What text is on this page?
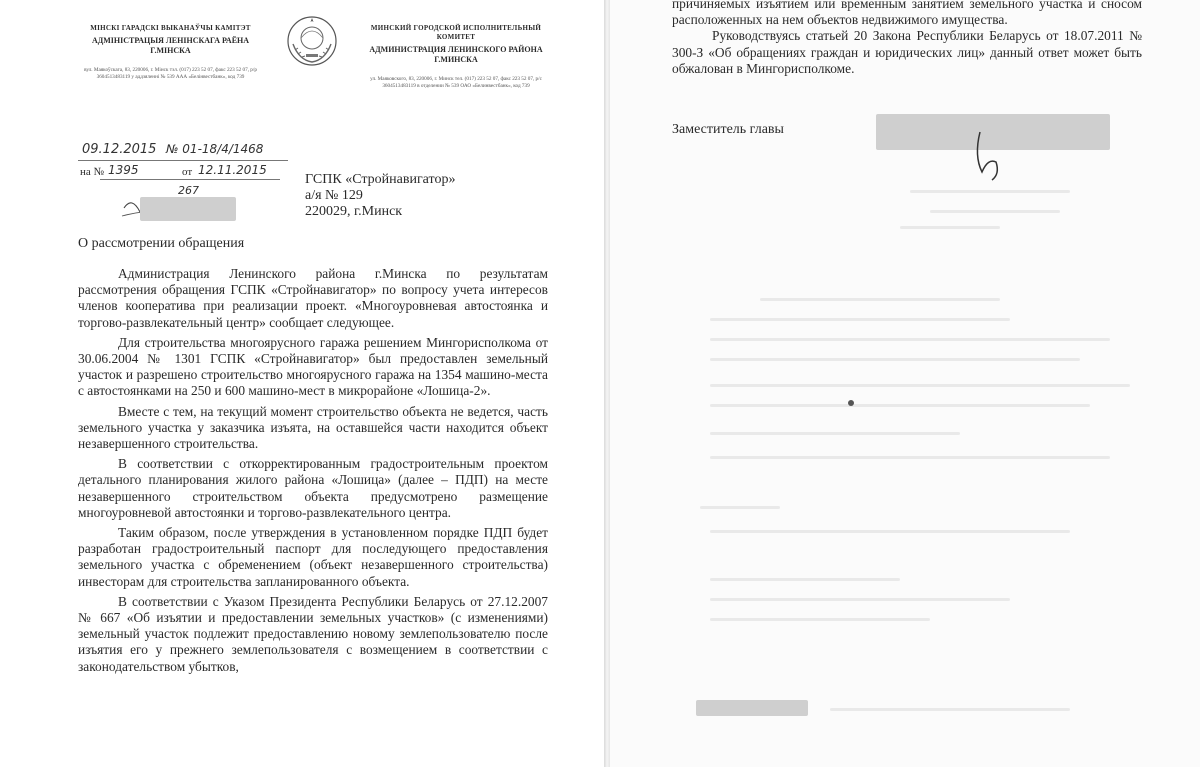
МІНСКІ ГАРАДСКІ ВЫКАНАЎЧЫ КАМІТЭТ
АДМІНІСТРАЦЫЯ ЛЕНІНСКАГА РАЁНА Г.МІНСКА
вул. Маякоўскага, 83, 220006, г. Мінск тэл. (017) 223 52 07, факс 223 52 07, р/р 3604513483119 у аддзяленні № 539 ААА «Белінвестбанк», код 739
МИНСКИЙ ГОРОДСКОЙ ИСПОЛНИТЕЛЬНЫЙ КОМИТЕТ
АДМИНИСТРАЦИЯ ЛЕНИНСКОГО РАЙОНА Г.МИНСКА
ул. Маяковского, 83, 220006, г. Минск тел. (017) 223 52 07, факс 223 52 07, р/с 3604513483119 в отделении № 539 ОАО «Белинвестбанк», код 739
09.12.2015 № 01-18/4/1468
на № 1395	от 12.11.2015
267
ГСПК «Стройнавигатор»
а/я № 129
220029, г.Минск
О рассмотрении обращения

Администрация Ленинского района г.Минска по результатам рассмотрения обращения ГСПК «Стройнавигатор» по вопросу учета интересов членов кооператива при реализации проект. «Многоуровневая автостоянка и торгово-развлекательный центр» сообщает следующее.

Для строительства многоярусного гаража решением Мингорисполкома от 30.06.2004 № 1301 ГСПК «Стройнавигатор» был предоставлен земельный участок и разрешено строительство многоярусного гаража на 1354 машино-места с автостоянками на 250 и 600 машино-мест в микрорайоне «Лошица-2».

Вместе с тем, на текущий момент строительство объекта не ведется, часть земельного участка у заказчика изъята, на оставшейся части находится объект незавершенного строительства.

В соответствии с откорректированным градостроительным проектом детального планирования жилого района «Лошица» (далее – ПДП) на месте незавершенного строительством объекта предусмотрено размещение многоуровневой автостоянки и торгово-развлекательного центра.

Таким образом, после утверждения в установленном порядке ПДП будет разработан градостроительный паспорт для последующего предоставления земельного участка с обременением (объект незавершенного строительства) инвесторам для строительства запланированного объекта.

В соответствии с Указом Президента Республики Беларусь от 27.12.2007 № 667 «Об изъятии и предоставлении земельных участков» (с изменениями) земельный участок подлежит предоставлению новому землепользователю после изъятия его у прежнего землепользователя с возмещением в соответствии с законодательством убытков,

причиняемых изъятием или временным занятием земельного участка и сносом расположенных на нем объектов недвижимого имущества.

Руководствуясь статьей 20 Закона Республики Беларусь от 18.07.2011 № 300-З «Об обращениях граждан и юридических лиц» данный ответ может быть обжалован в Мингорисполкоме.

Заместитель главы
